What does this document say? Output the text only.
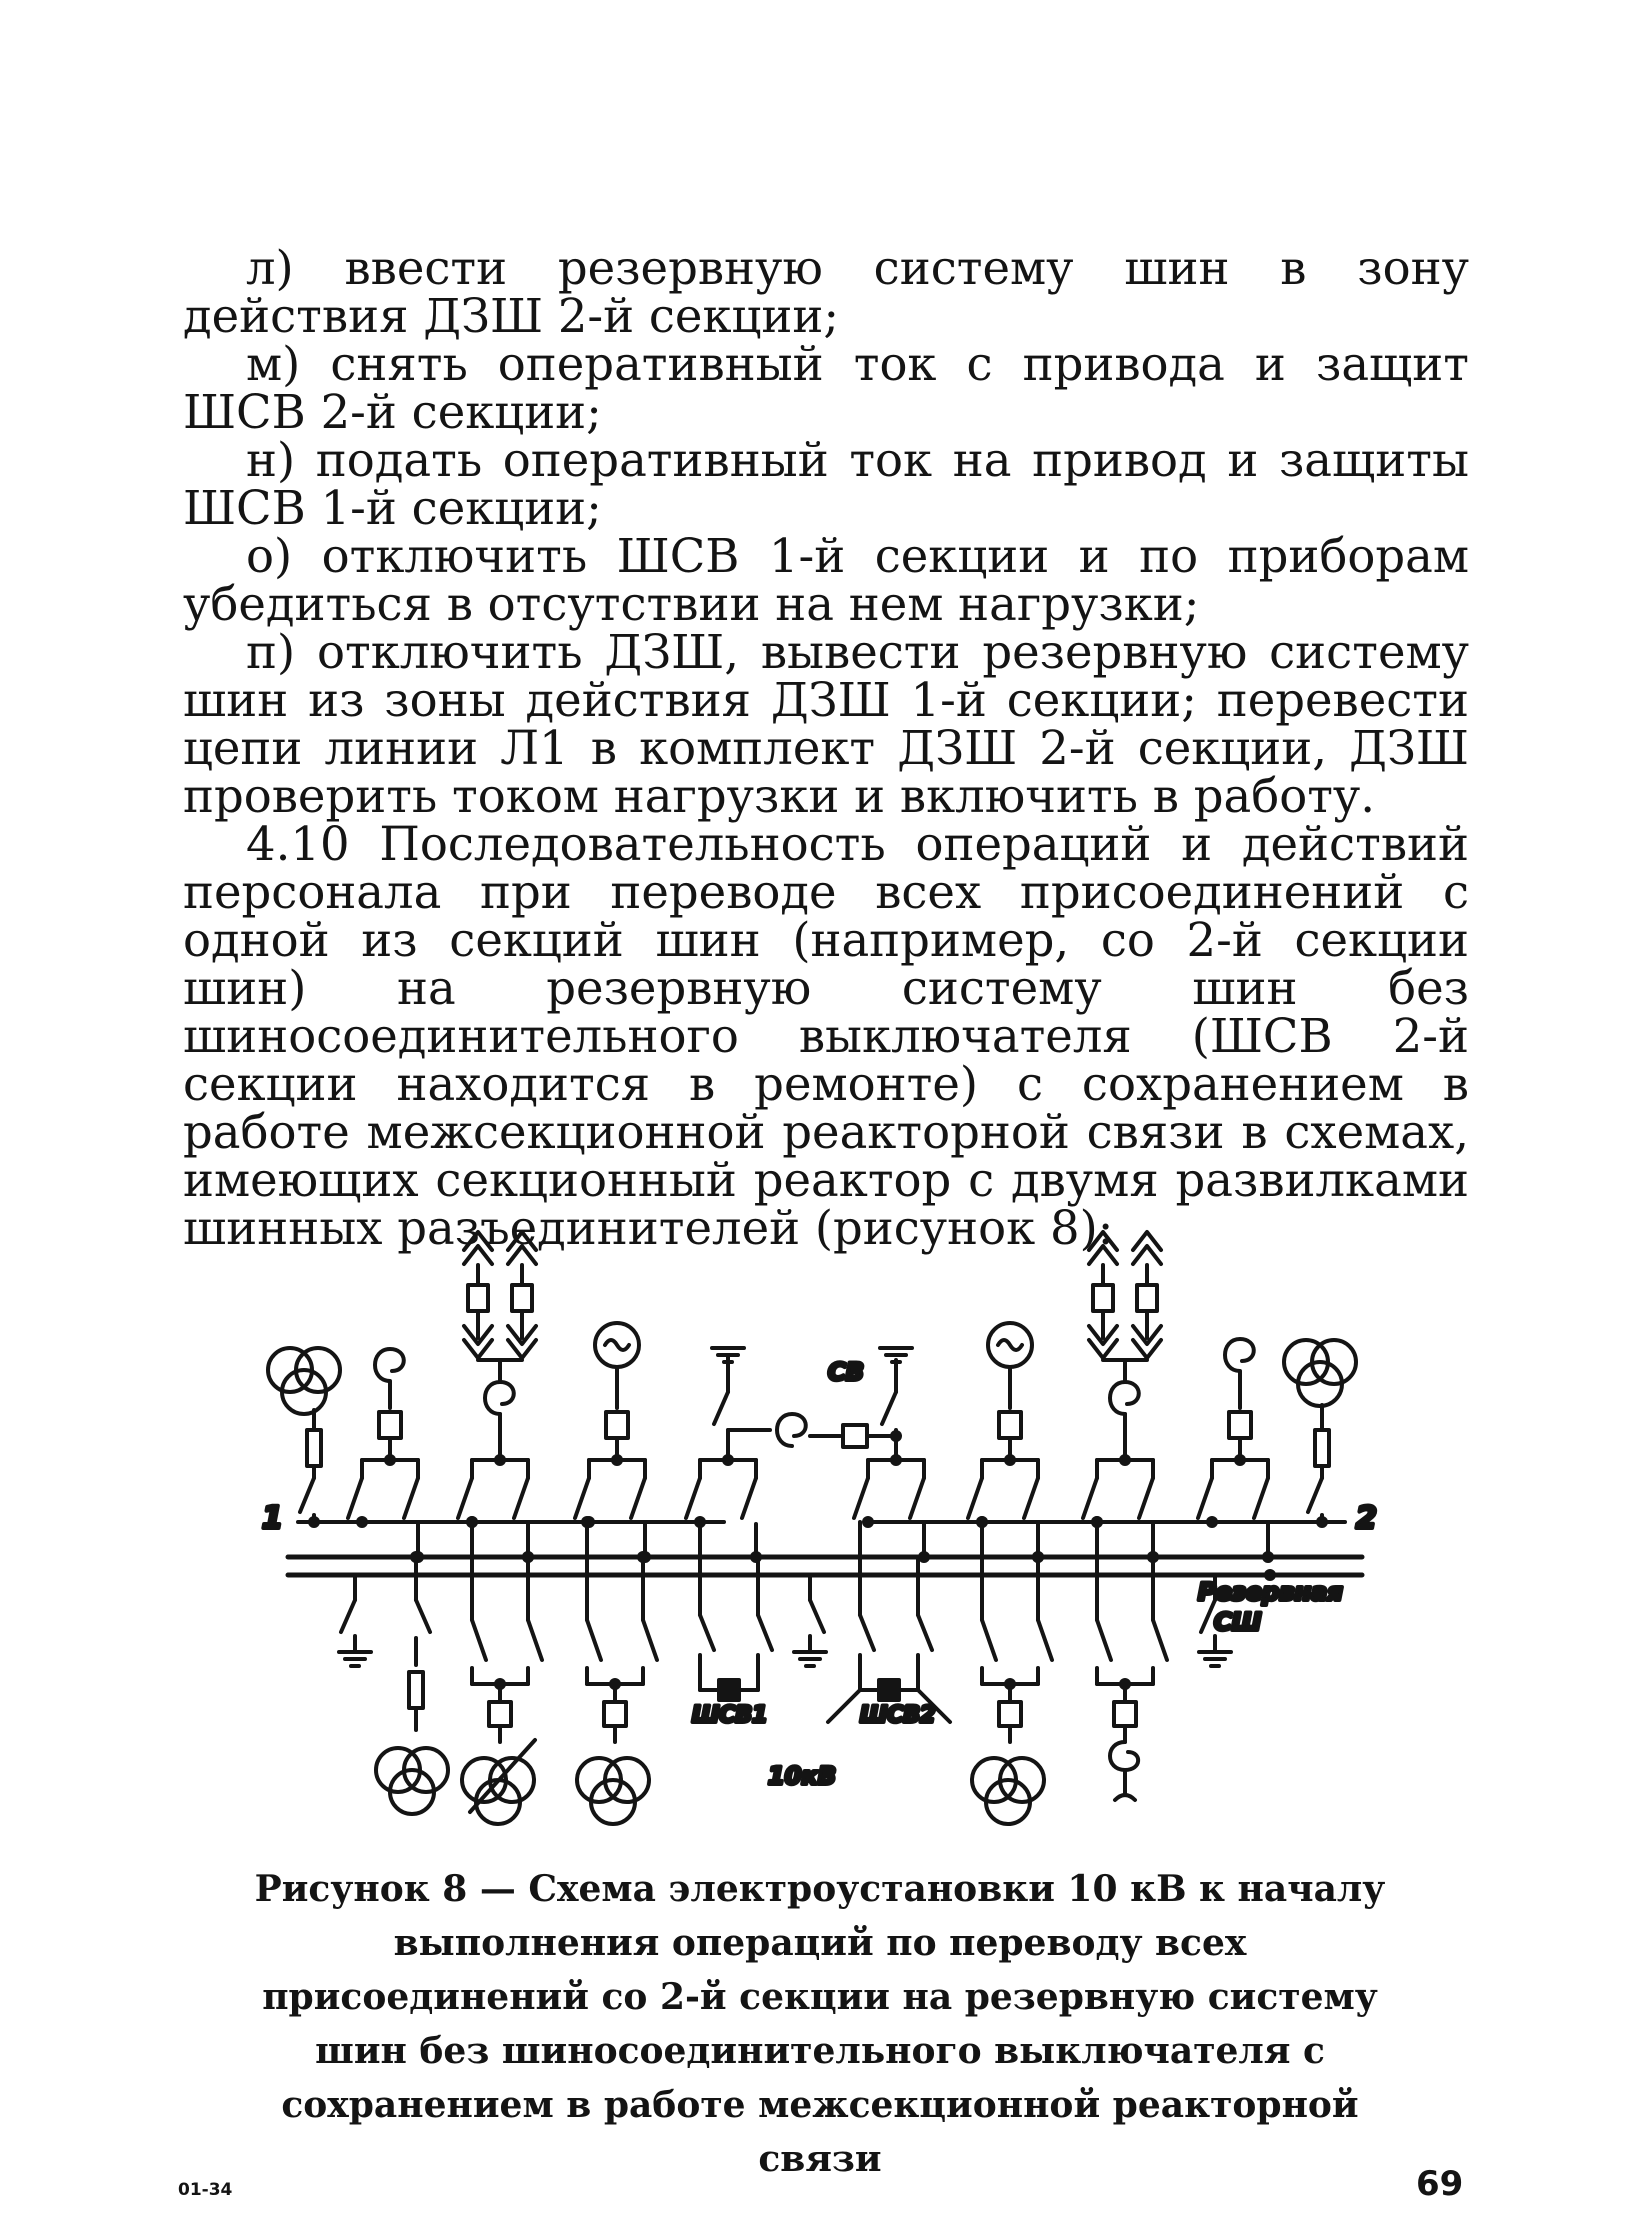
л) ввести резервную систему шин в зону действия ДЗШ 2-й секции;

м) снять оперативный ток с привода и защит ШСВ 2-й секции;

н) подать оперативный ток на привод и защиты ШСВ 1-й секции;

о) отключить ШСВ 1-й секции и по приборам убедиться в отсутствии на нем нагрузки;

п) отключить ДЗШ, вывести резервную систему шин из зоны действия ДЗШ 1-й секции; перевести цепи линии Л1 в комплект ДЗШ 2-й секции, ДЗШ проверить током нагрузки и включить в работу.

4.10 Последовательность операций и действий персонала при переводе всех присоединений с одной из секций шин (например, со 2-й секции шин) на резервную систему шин без шиносоединительного выключателя (ШСВ 2-й секции находится в ремонте) с сохранением в работе межсекционной реакторной связи в схемах, имеющих секционный реактор с двумя развилками шинных разъединителей (рисунок 8):

1	2
Резервная
СШ
СВ
ШСВ1	ШСВ2
10кВ

Рисунок 8 — Схема электроустановки 10 кВ к началу выполнения операций по переводу всех присоединений со 2-й секции на резервную систему шин без шиносоединительного выключателя с сохранением в работе межсекционной реакторной связи

01-34	69
